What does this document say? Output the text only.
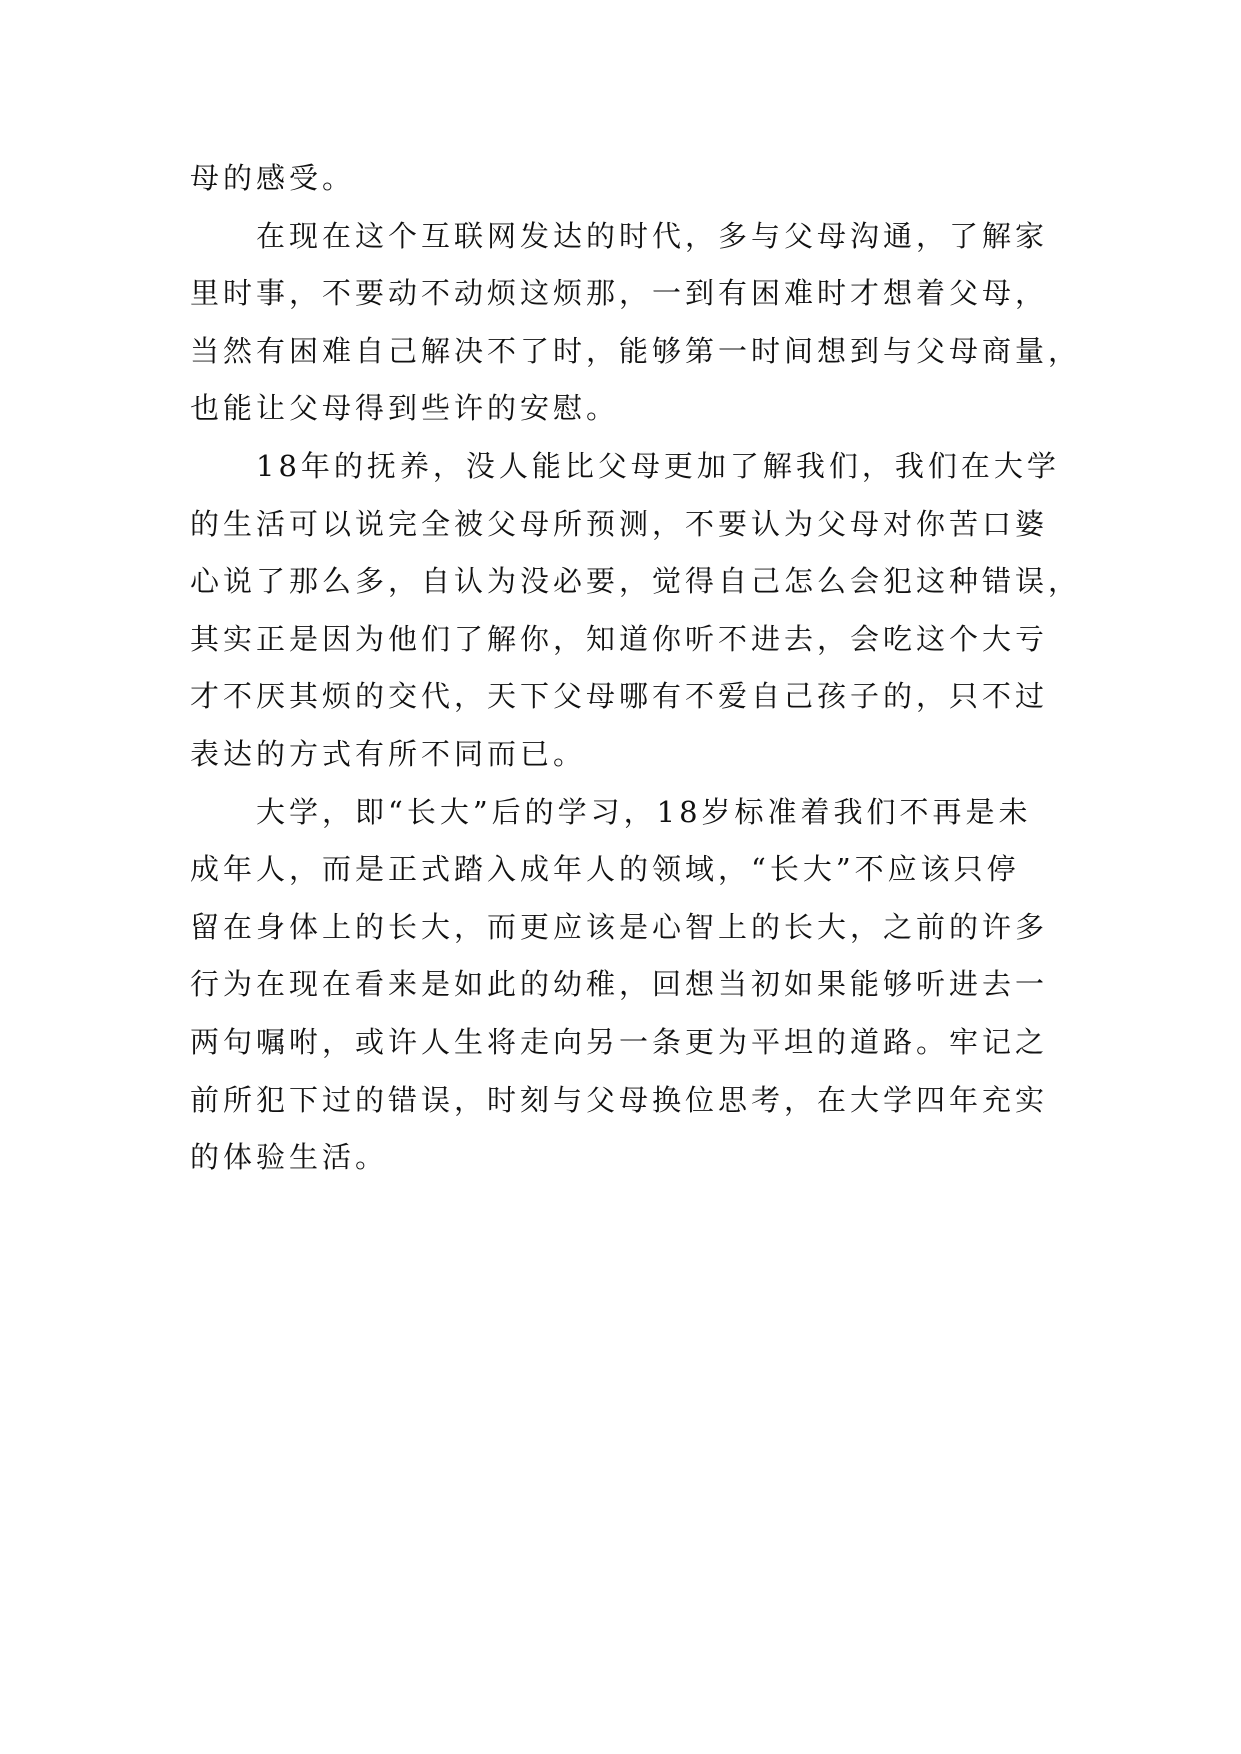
母的感受。
在现在这个互联网发达的时代，多与父母沟通，了解家
里时事，不要动不动烦这烦那，一到有困难时才想着父母，
当然有困难自己解决不了时，能够第一时间想到与父母商量，
也能让父母得到些许的安慰。
18年的抚养，没人能比父母更加了解我们，我们在大学
的生活可以说完全被父母所预测，不要认为父母对你苦口婆
心说了那么多，自认为没必要，觉得自己怎么会犯这种错误，
其实正是因为他们了解你，知道你听不进去，会吃这个大亏
才不厌其烦的交代，天下父母哪有不爱自己孩子的，只不过
表达的方式有所不同而已。
大学，即“长大”后的学习，18岁标准着我们不再是未
成年人，而是正式踏入成年人的领域，“长大”不应该只停
留在身体上的长大，而更应该是心智上的长大，之前的许多
行为在现在看来是如此的幼稚，回想当初如果能够听进去一
两句嘱咐，或许人生将走向另一条更为平坦的道路。牢记之
前所犯下过的错误，时刻与父母换位思考，在大学四年充实
的体验生活。
